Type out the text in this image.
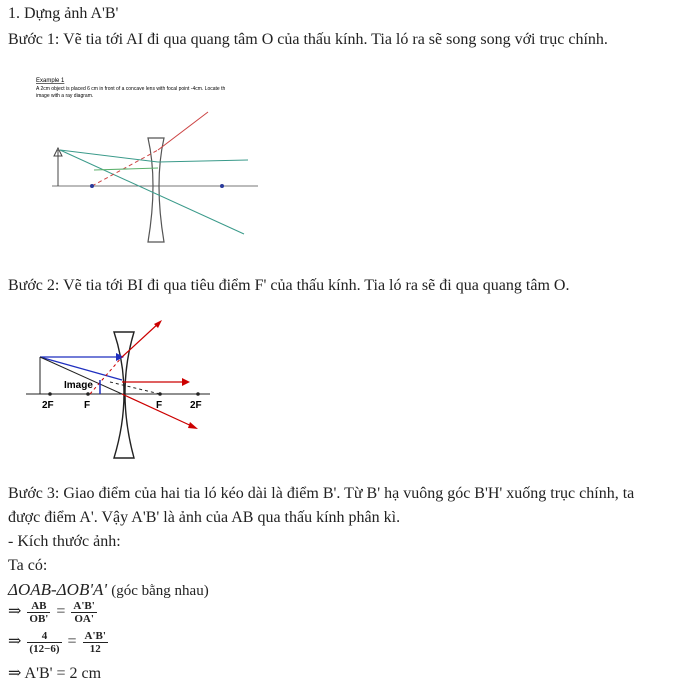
1. Dựng ảnh A'B'

Bước 1: Vẽ tia tới AI đi qua quang tâm O của thấu kính. Tia ló ra sẽ song song với trục chính.

Example 1
A 2cm object is placed 6 cm in front of a concave lens with focal point -4cm. Locate th
image with a ray diagram.

Bước 2: Vẽ tia tới BI đi qua tiêu điểm F' của thấu kính. Tia ló ra sẽ đi qua quang tâm O.

Image
2F	F	F	2F

Bước 3: Giao điểm của hai tia ló kéo dài là điểm B'. Từ B' hạ vuông góc B'H' xuống trục chính, ta

được điểm A'. Vậy A'B' là ảnh của AB qua thấu kính phân kì.

- Kích thước ảnh:

Ta có:

ΔOAB-ΔOB'A' (góc bằng nhau)
⇒ $\frac{AB}{OB'} = \frac{A'B'}{OA'}$
⇒ $\frac{4}{(12-6)} = \frac{A'B'}{12}$

⇒ A'B' = 2 cm
